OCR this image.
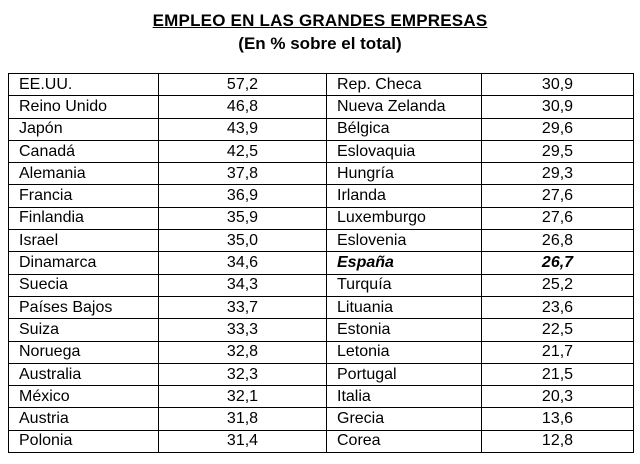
EMPLEO EN LAS GRANDES EMPRESAS
(En % sobre el total)
EE.UU.	57,2	Rep. Checa	30,9
Reino Unido	46,8	Nueva Zelanda	30,9
Japón	43,9	Bélgica	29,6
Canadá	42,5	Eslovaquia	29,5
Alemania	37,8	Hungría	29,3
Francia	36,9	Irlanda	27,6
Finlandia	35,9	Luxemburgo	27,6
Israel	35,0	Eslovenia	26,8
Dinamarca	34,6	España	26,7
Suecia	34,3	Turquía	25,2
Países Bajos	33,7	Lituania	23,6
Suiza	33,3	Estonia	22,5
Noruega	32,8	Letonia	21,7
Australia	32,3	Portugal	21,5
México	32,1	Italia	20,3
Austria	31,8	Grecia	13,6
Polonia	31,4	Corea	12,8
